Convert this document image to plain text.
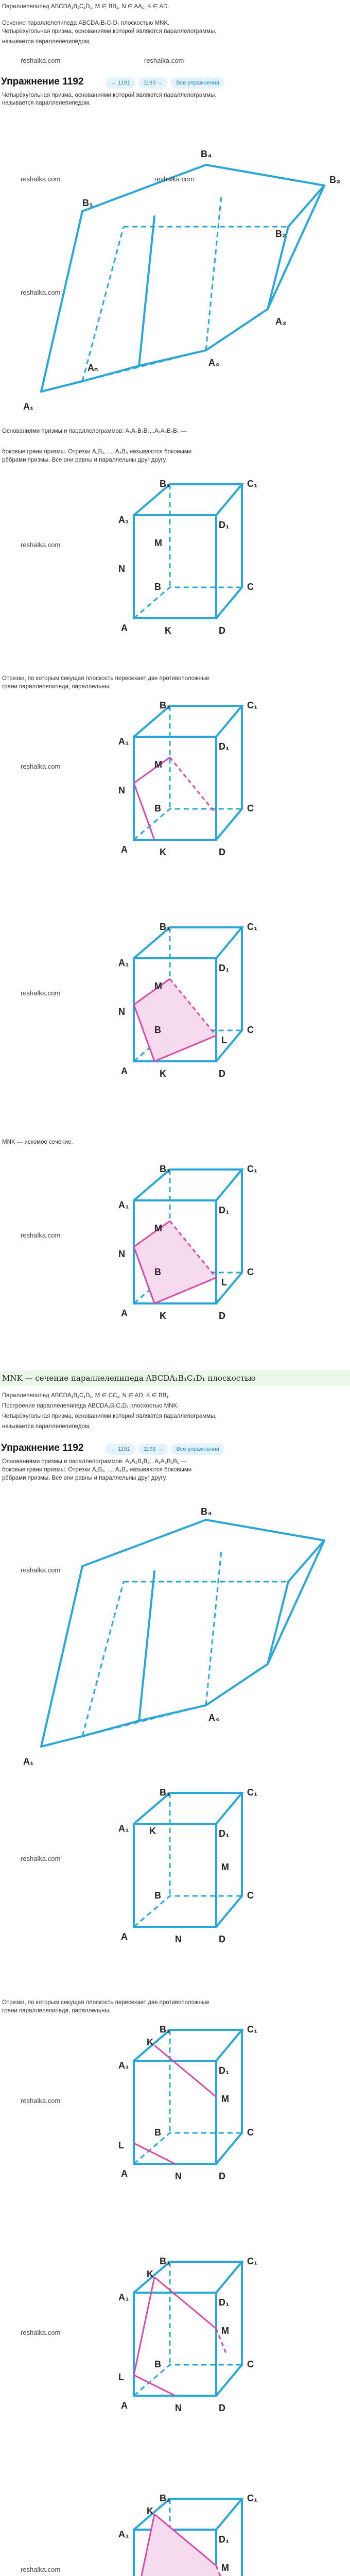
Параллелепипед ABCDA₁B₁C₁D₁, M ∈ BB₁, N ∈ AA₁, K ∈ AD.
Сечение параллелепипеда ABCDA₁B₁C₁D₁ плоскостью MNK.
Четырёхугольная призма, основаниями которой являются параллелограммы,
называется параллелепипедом.
Упражнение 1192	← 1191	1193 →	Все упражнения
Четырёхугольная призма, основаниями которой являются параллелограммы,
называется параллелепипедом.
A₁
Aₙ
B₁
B₄
B₃
B₂
A₄
A₃
Основаниями призмы и параллелограммов: A₁A₂B₁B₂...A₁A₂B₂B₁ —
боковые грани призмы. Отрезки A₁B₁, ..., A₄B₄ называются боковыми
рёбрами призмы. Все они равны и параллельны друг другу.
A₁
B₁	C₁
D₁
A
B	C
D
M
N
K
Отрезки, по которым секущая плоскость пересекает две противоположные
грани параллелепипеда, параллельны.
A₁
B₁	C₁
D₁
A
B	C
D
M
N
K
A₁
B₁	C₁
D₁
A
B	C
D
M
N
L
K
MNK — искомое сечение.
A₁
B₁	C₁
D₁
A
B	C
D
M
N
L
K
MNK — сечение параллелепипеда ABCDA₁B₁C₁D₁ плоскостью
Параллелепипед ABCDA₁B₁C₁D₁, M ∈ CC₁, N ∈ AD, K ∈ BB₁.
Построение параллелепипеда ABCDA₁B₁C₁D₁ плоскостью MNK.
Четырёхугольная призма, основаниями которой являются параллелограммы,
называется параллелепипедом.
Упражнение 1192	← 1191	1193 →	Все упражнения
Основаниями призмы и параллелограммов: A₁A₂B₁B₂...A₁A₂B₂B₁ —
боковые грани призмы. Отрезки A₁B₁, ..., A₄B₄ называются боковыми
рёбрами призмы. Все они равны и параллельны друг другу.
A₁
B₄
A₄
A₁
B₁	C₁
D₁
A
B	C
D
K
M
N
Отрезки, по которым секущая плоскость пересекает две противоположные
грани параллелепипеда, параллельны.
A₁
B₁	C₁
D₁
A
B	C
D
K
M
L
N
A₁
B₁	C₁
D₁
A
B	C
D
K
M
L
N
A₁
B₁	C₁
D₁
K
M
reshalka.com	reshalka.com
reshalka.com	reshalka.com
reshalka.com
reshalka.com
reshalka.com
reshalka.com
reshalka.com
reshalka.com
reshalka.com
reshalka.com
reshalka.com
reshalka.com
